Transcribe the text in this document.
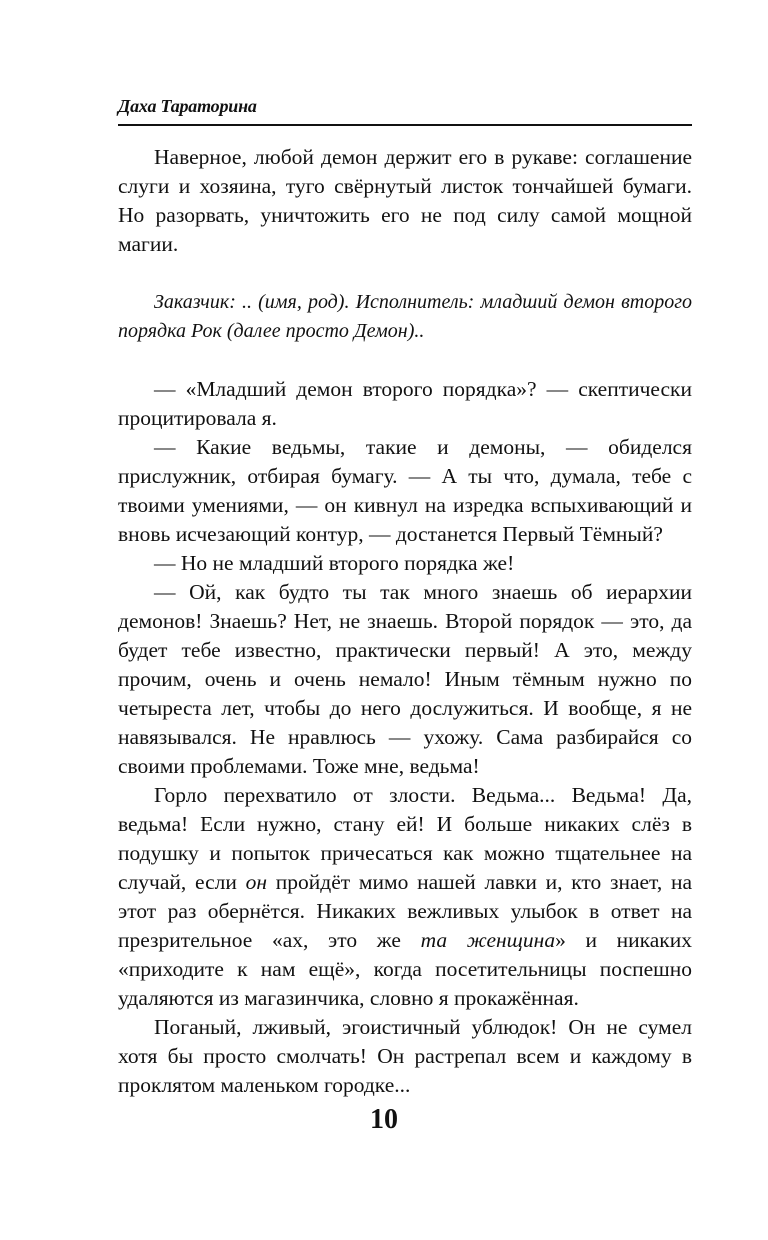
Даха Тараторина

Наверное, любой демон держит его в рукаве: соглашение слуги и хозяина, туго свёрнутый листок тончайшей бумаги. Но разорвать, уничтожить его не под силу самой мощной магии.

Заказчик: .. (имя, род). Исполнитель: младший демон второго порядка Рок (далее просто Демон)..

— «Младший демон второго порядка»? — скептически процитировала я.

— Какие ведьмы, такие и демоны, — обиделся прислужник, отбирая бумагу. — А ты что, думала, тебе с твоими умениями, — он кивнул на изредка вспыхивающий и вновь исчезающий контур, — достанется Первый Тёмный?

— Но не младший второго порядка же!

— Ой, как будто ты так много знаешь об иерархии демонов! Знаешь? Нет, не знаешь. Второй порядок — это, да будет тебе известно, практически первый! А это, между прочим, очень и очень немало! Иным тёмным нужно по четыреста лет, чтобы до него дослужиться. И вообще, я не навязывался. Не нравлюсь — ухожу. Сама разбирайся со своими проблемами. Тоже мне, ведьма!

Горло перехватило от злости. Ведьма... Ведьма! Да, ведьма! Если нужно, стану ей! И больше никаких слёз в подушку и попыток причесаться как можно тщательнее на случай, если он пройдёт мимо нашей лавки и, кто знает, на этот раз обернётся. Никаких вежливых улыбок в ответ на презрительное «ах, это же та женщина» и никаких «приходите к нам ещё», когда посетительницы поспешно удаляются из магазинчика, словно я прокажённая.

Поганый, лживый, эгоистичный ублюдок! Он не сумел хотя бы просто смолчать! Он растрепал всем и каждому в проклятом маленьком городке...

10
